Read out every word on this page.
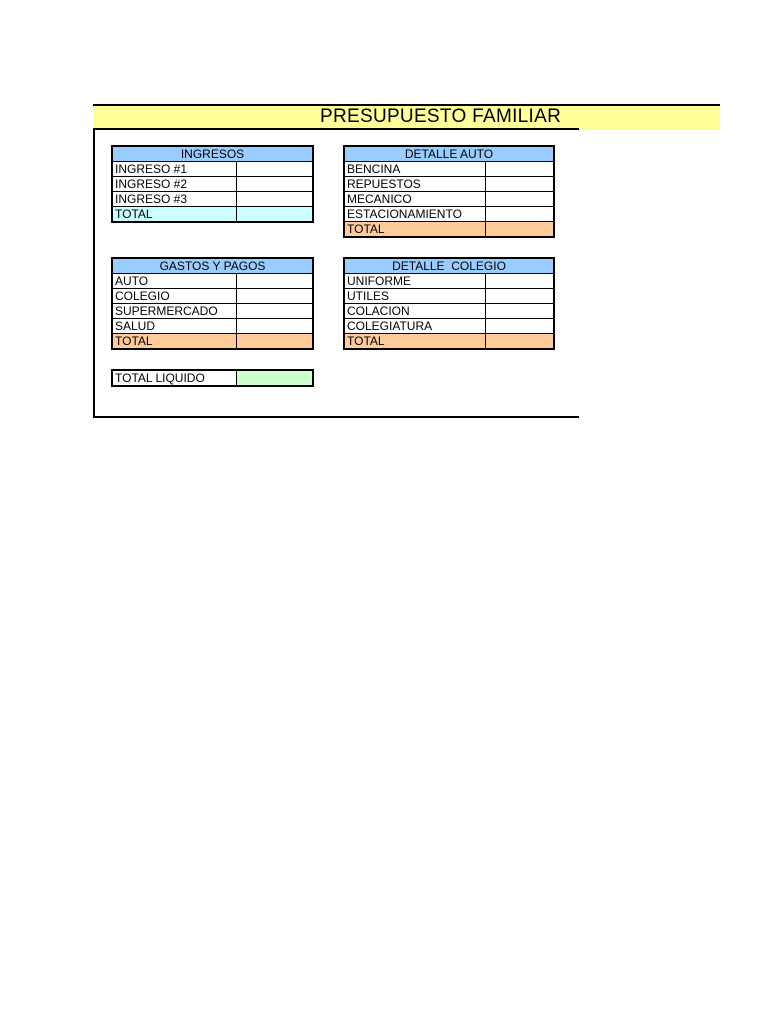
PRESUPUESTO FAMILIAR
INGRESOS	
INGRESO #1	
INGRESO #2	
INGRESO #3	
TOTAL	
DETALLE AUTO	
BENCINA	
REPUESTOS	
MECANICO	
ESTACIONAMIENTO	
TOTAL	
GASTOS Y PAGOS	
AUTO	
COLEGIO	
SUPERMERCADO	
SALUD	
TOTAL	
DETALLE  COLEGIO	
UNIFORME	
UTILES	
COLACION	
COLEGIATURA	
TOTAL	
TOTAL LIQUIDO	
